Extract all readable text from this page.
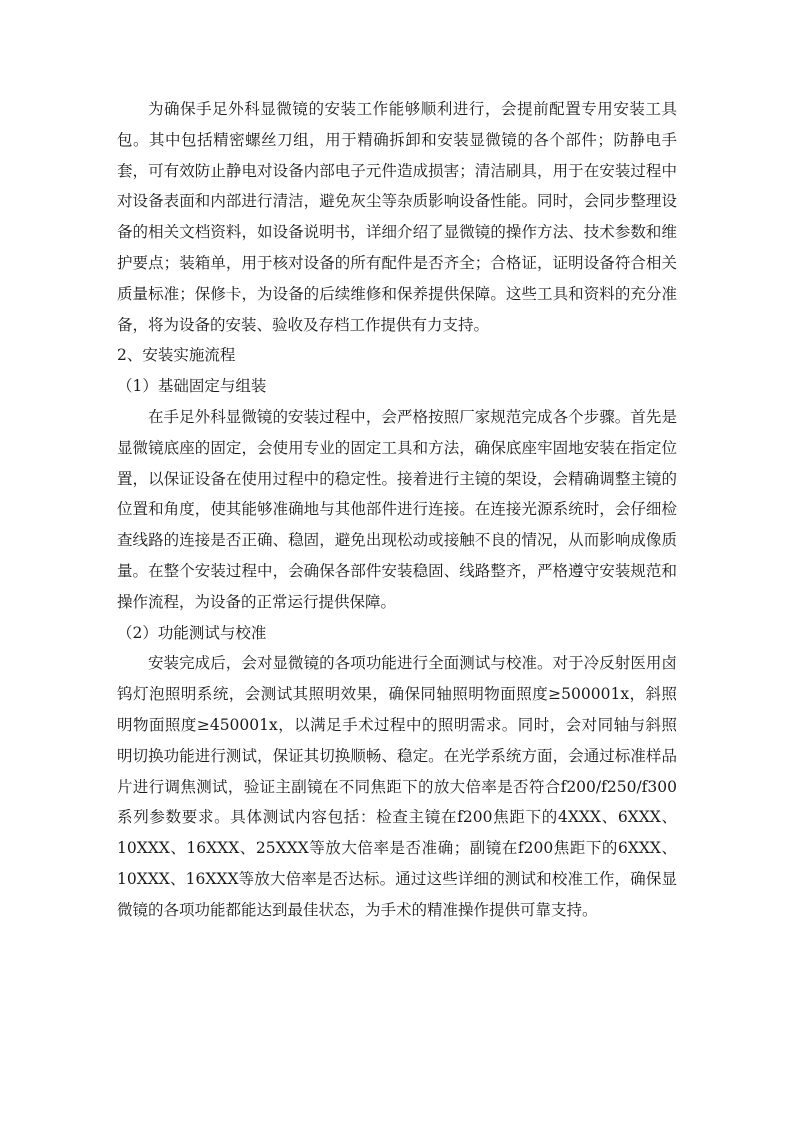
为确保手足外科显微镜的安装工作能够顺利进行，会提前配置专用安装工具包。其中包括精密螺丝刀组，用于精确拆卸和安装显微镜的各个部件；防静电手套，可有效防止静电对设备内部电子元件造成损害；清洁刷具，用于在安装过程中对设备表面和内部进行清洁，避免灰尘等杂质影响设备性能。同时，会同步整理设备的相关文档资料，如设备说明书，详细介绍了显微镜的操作方法、技术参数和维护要点；装箱单，用于核对设备的所有配件是否齐全；合格证，证明设备符合相关质量标准；保修卡，为设备的后续维修和保养提供保障。这些工具和资料的充分准备，将为设备的安装、验收及存档工作提供有力支持。

2、安装实施流程

（1）基础固定与组装

在手足外科显微镜的安装过程中，会严格按照厂家规范完成各个步骤。首先是显微镜底座的固定，会使用专业的固定工具和方法，确保底座牢固地安装在指定位置，以保证设备在使用过程中的稳定性。接着进行主镜的架设，会精确调整主镜的位置和角度，使其能够准确地与其他部件进行连接。在连接光源系统时，会仔细检查线路的连接是否正确、稳固，避免出现松动或接触不良的情况，从而影响成像质量。在整个安装过程中，会确保各部件安装稳固、线路整齐，严格遵守安装规范和操作流程，为设备的正常运行提供保障。

（2）功能测试与校准

安装完成后，会对显微镜的各项功能进行全面测试与校准。对于冷反射医用卤钨灯泡照明系统，会测试其照明效果，确保同轴照明物面照度≥500001x，斜照明物面照度≥450001x，以满足手术过程中的照明需求。同时，会对同轴与斜照明切换功能进行测试，保证其切换顺畅、稳定。在光学系统方面，会通过标准样品片进行调焦测试，验证主副镜在不同焦距下的放大倍率是否符合f200/f250/f300系列参数要求。具体测试内容包括：检查主镜在f200焦距下的4XXX、6XXX、10XXX、16XXX、25XXX等放大倍率是否准确；副镜在f200焦距下的6XXX、10XXX、16XXX等放大倍率是否达标。通过这些详细的测试和校准工作，确保显微镜的各项功能都能达到最佳状态，为手术的精准操作提供可靠支持。
